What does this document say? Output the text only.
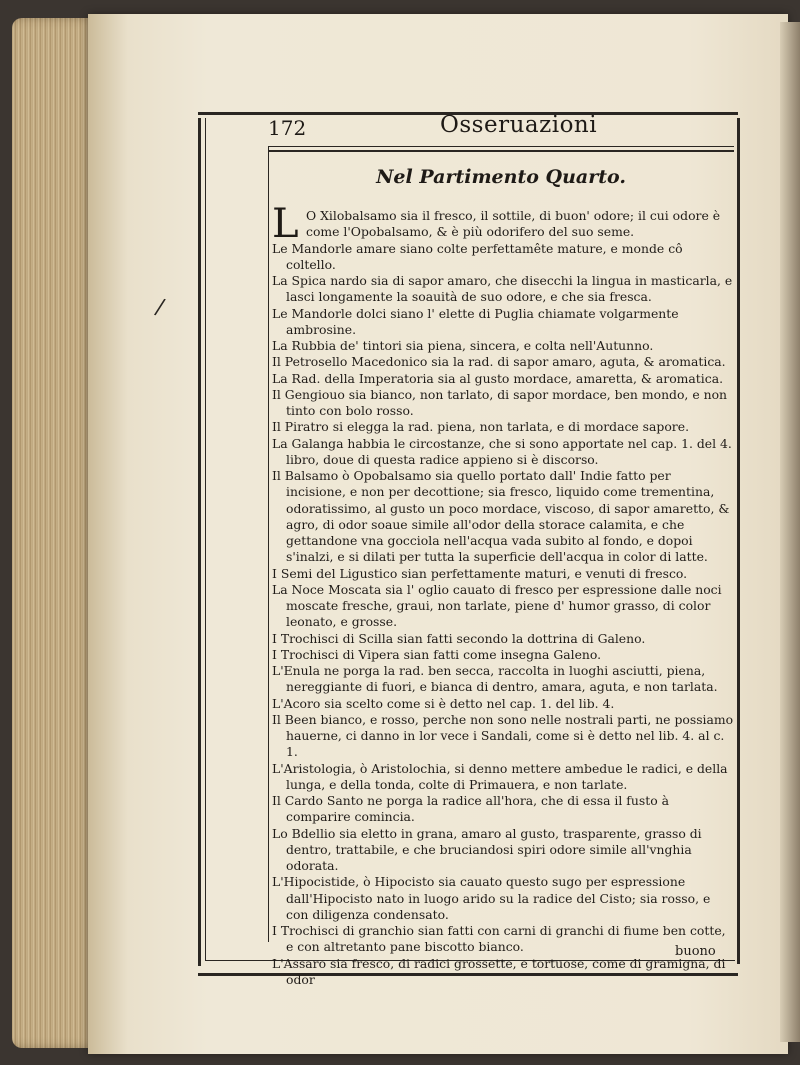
172	Osseruazioni
Nel Partimento Quarto.
/

L O Xilobalsamo sia il fresco, il sottile, di buon' odore; il cui odore è come l'Opobalsamo, & è più odorifero del suo seme.

Le Mandorle amare siano colte perfettamête mature, e monde cô coltello.

La Spica nardo sia di sapor amaro, che disecchi la lingua in masticarla, e lasci longamente la soauità de suo odore, e che sia fresca.

Le Mandorle dolci siano l' elette di Puglia chiamate volgarmente ambrosine.

La Rubbia de' tintori sia piena, sincera, e colta nell'Autunno.

Il Petrosello Macedonico sia la rad. di sapor amaro, aguta, & aromatica.

La Rad. della Imperatoria sia al gusto mordace, amaretta, & aromatica.

Il Gengiouo sia bianco, non tarlato, di sapor mordace, ben mondo, e non tinto con bolo rosso.

Il Piratro si elegga la rad. piena, non tarlata, e di mordace sapore.

La Galanga habbia le circostanze, che si sono apportate nel cap. 1. del 4. libro, doue di questa radice appieno si è discorso.

Il Balsamo ò Opobalsamo sia quello portato dall' Indie fatto per incisione, e non per decottione; sia fresco, liquido come trementina, odoratissimo, al gusto un poco mordace, viscoso, di sapor amaretto, & agro, di odor soaue simile all'odor della storace calamita, e che gettandone vna gocciola nell'acqua vada subito al fondo, e dopoi s'inalzi, e si dilati per tutta la superficie dell'acqua in color di latte.

I Semi del Ligustico sian perfettamente maturi, e venuti di fresco.

La Noce Moscata sia l' oglio cauato di fresco per espressione dalle noci moscate fresche, graui, non tarlate, piene d' humor grasso, di color leonato, e grosse.

I Trochisci di Scilla sian fatti secondo la dottrina di Galeno.

I Trochisci di Vipera sian fatti come insegna Galeno.

L'Enula ne porga la rad. ben secca, raccolta in luoghi asciutti, piena, nereggiante di fuori, e bianca di dentro, amara, aguta, e non tarlata.

L'Acoro sia scelto come si è detto nel cap. 1. del lib. 4.

Il Been bianco, e rosso, perche non sono nelle nostrali parti, ne possiamo hauerne, ci danno in lor vece i Sandali, come si è detto nel lib. 4. al c. 1.

L'Aristologia, ò Aristolochia, si denno mettere ambedue le radici, e della lunga, e della tonda, colte di Primauera, e non tarlate.

Il Cardo Santo ne porga la radice all'hora, che di essa il fusto à comparire comincia.

Lo Bdellio sia eletto in grana, amaro al gusto, trasparente, grasso di dentro, trattabile, e che bruciandosi spiri odore simile all'vnghia odorata.

L'Hipocistide, ò Hipocisto sia cauato questo sugo per espressione dall'Hipocisto nato in luogo arido su la radice del Cisto; sia rosso, e con diligenza condensato.

I Trochisci di granchio sian fatti con carni di granchi di fiume ben cotte, e con altretanto pane biscotto bianco.

L'Assaro sia fresco, di radici grossette, e tortuose, come di gramigna, di odor

buono
